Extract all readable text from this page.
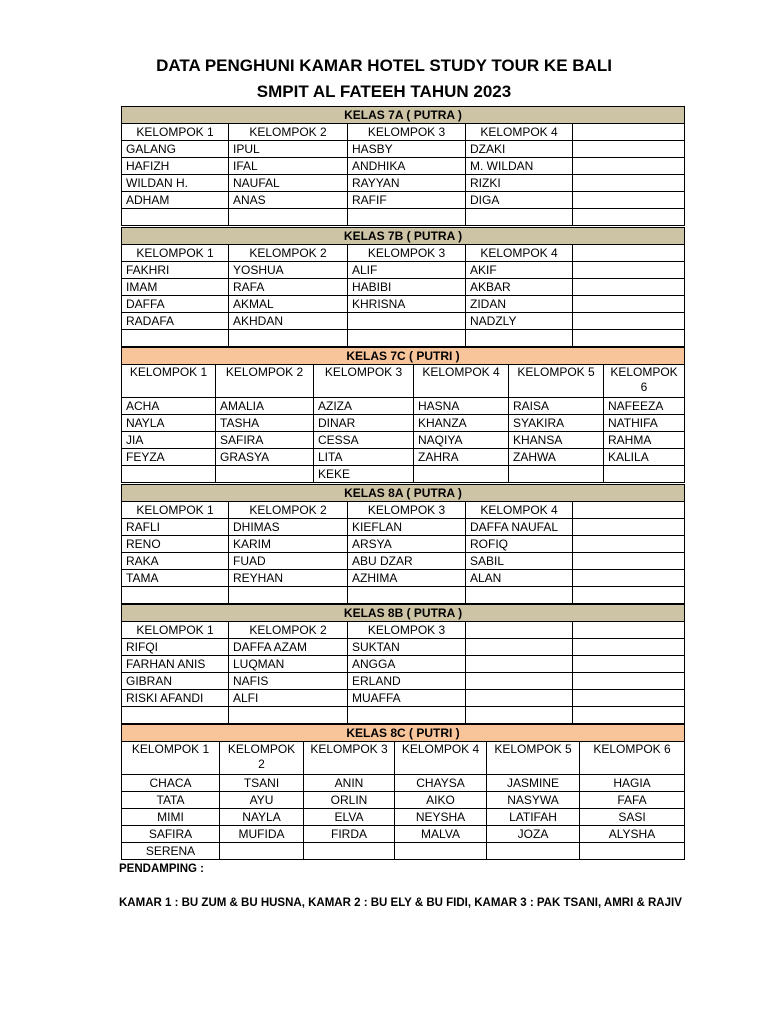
DATA PENGHUNI KAMAR HOTEL STUDY TOUR KE BALI
SMPIT AL FATEEH TAHUN 2023
KELAS 7A ( PUTRA )				
KELOMPOK 1	KELOMPOK 2	KELOMPOK 3	KELOMPOK 4	
GALANG	IPUL	HASBY	DZAKI	
HAFIZH	IFAL	ANDHIKA	M. WILDAN	
WILDAN H.	NAUFAL	RAYYAN	RIZKI	
ADHAM	ANAS	RAFIF	DIGA	

KELAS 7B ( PUTRA )				
KELOMPOK 1	KELOMPOK 2	KELOMPOK 3	KELOMPOK 4	
FAKHRI	YOSHUA	ALIF	AKIF	
IMAM	RAFA	HABIBI	AKBAR	
DAFFA	AKMAL	KHRISNA	ZIDAN	
RADAFA	AKHDAN		NADZLY	

KELAS 7C ( PUTRI )					
KELOMPOK 1	KELOMPOK 2	KELOMPOK 3	KELOMPOK 4	KELOMPOK 5	KELOMPOK 6
ACHA	AMALIA	AZIZA	HASNA	RAISA	NAFEEZA
NAYLA	TASHA	DINAR	KHANZA	SYAKIRA	NATHIFA
JIA	SAFIRA	CESSA	NAQIYA	KHANSA	RAHMA
FEYZA	GRASYA	LITA	ZAHRA	ZAHWA	KALILA
		KEKE			
KELAS 8A ( PUTRA )				
KELOMPOK 1	KELOMPOK 2	KELOMPOK 3	KELOMPOK 4	
RAFLI	DHIMAS	KIEFLAN	DAFFA NAUFAL	
RENO	KARIM	ARSYA	ROFIQ	
RAKA	FUAD	ABU DZAR	SABIL	
TAMA	REYHAN	AZHIMA	ALAN	

KELAS 8B ( PUTRA )				
KELOMPOK 1	KELOMPOK 2	KELOMPOK 3		
RIFQI	DAFFA AZAM	SUKTAN		
FARHAN ANIS	LUQMAN	ANGGA		
GIBRAN	NAFIS	ERLAND		
RISKI AFANDI	ALFI	MUAFFA		

KELAS 8C ( PUTRI )					
KELOMPOK 1	KELOMPOK 2	KELOMPOK 3	KELOMPOK 4	KELOMPOK 5	KELOMPOK 6
CHACA	TSANI	ANIN	CHAYSA	JASMINE	HAGIA
TATA	AYU	ORLIN	AIKO	NASYWA	FAFA
MIMI	NAYLA	ELVA	NEYSHA	LATIFAH	SASI
SAFIRA	MUFIDA	FIRDA	MALVA	JOZA	ALYSHA
SERENA					
PENDAMPING :
KAMAR 1 : BU ZUM & BU HUSNA, KAMAR 2 : BU ELY & BU FIDI, KAMAR 3 : PAK TSANI, AMRI & RAJIV
